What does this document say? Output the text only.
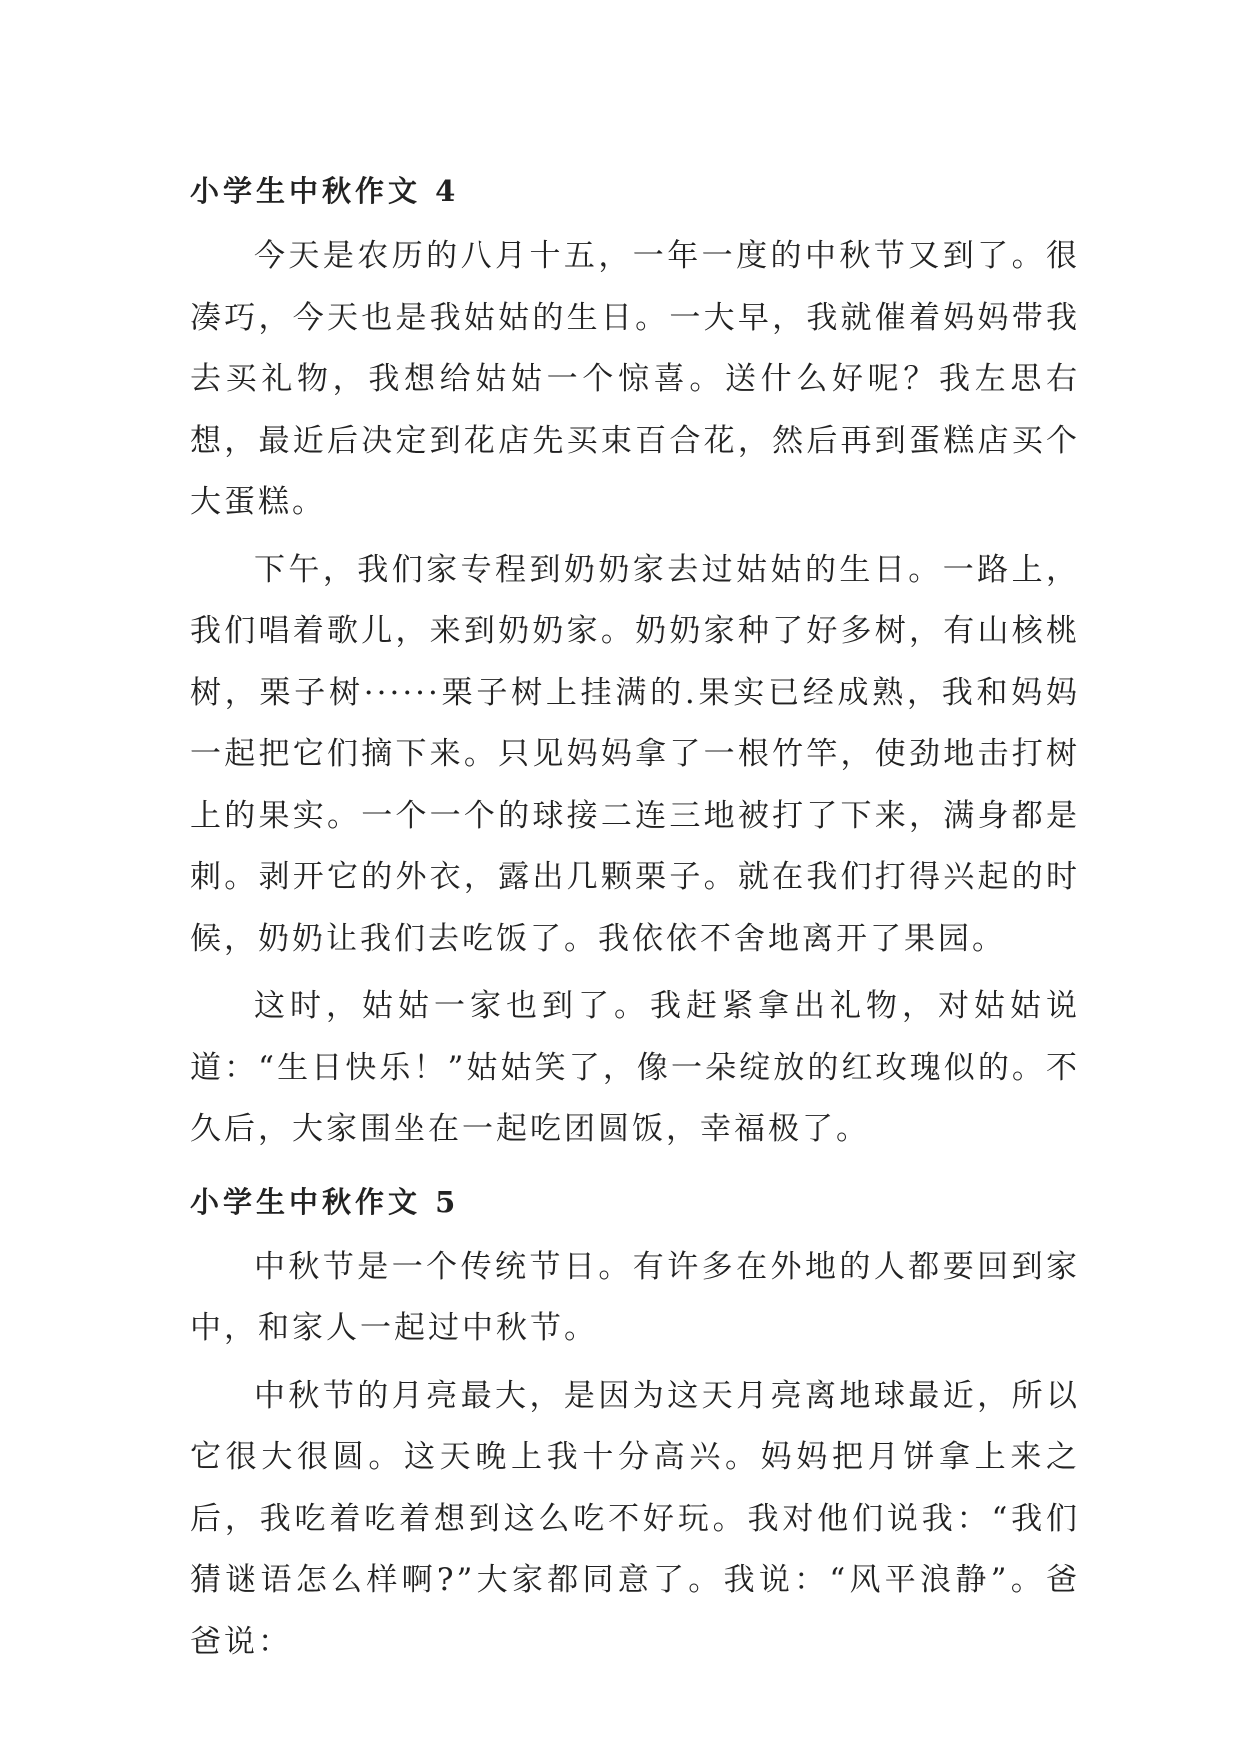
小学生中秋作文 4

今天是农历的八月十五，一年一度的中秋节又到了。很凑巧，今天也是我姑姑的生日。一大早，我就催着妈妈带我去买礼物，我想给姑姑一个惊喜。送什么好呢？我左思右想，最近后决定到花店先买束百合花，然后再到蛋糕店买个大蛋糕。

下午，我们家专程到奶奶家去过姑姑的生日。一路上，我们唱着歌儿，来到奶奶家。奶奶家种了好多树，有山核桃树，栗子树······栗子树上挂满的.果实已经成熟，我和妈妈一起把它们摘下来。只见妈妈拿了一根竹竿，使劲地击打树上的果实。一个一个的球接二连三地被打了下来，满身都是刺。剥开它的外衣，露出几颗栗子。就在我们打得兴起的时候，奶奶让我们去吃饭了。我依依不舍地离开了果园。

这时，姑姑一家也到了。我赶紧拿出礼物，对姑姑说道：“生日快乐！”姑姑笑了，像一朵绽放的红玫瑰似的。不久后，大家围坐在一起吃团圆饭，幸福极了。

小学生中秋作文 5

中秋节是一个传统节日。有许多在外地的人都要回到家中，和家人一起过中秋节。

中秋节的月亮最大，是因为这天月亮离地球最近，所以它很大很圆。这天晚上我十分高兴。妈妈把月饼拿上来之后，我吃着吃着想到这么吃不好玩。我对他们说我：“我们猜谜语怎么样啊?”大家都同意了。我说：“风平浪静”。爸爸说：
